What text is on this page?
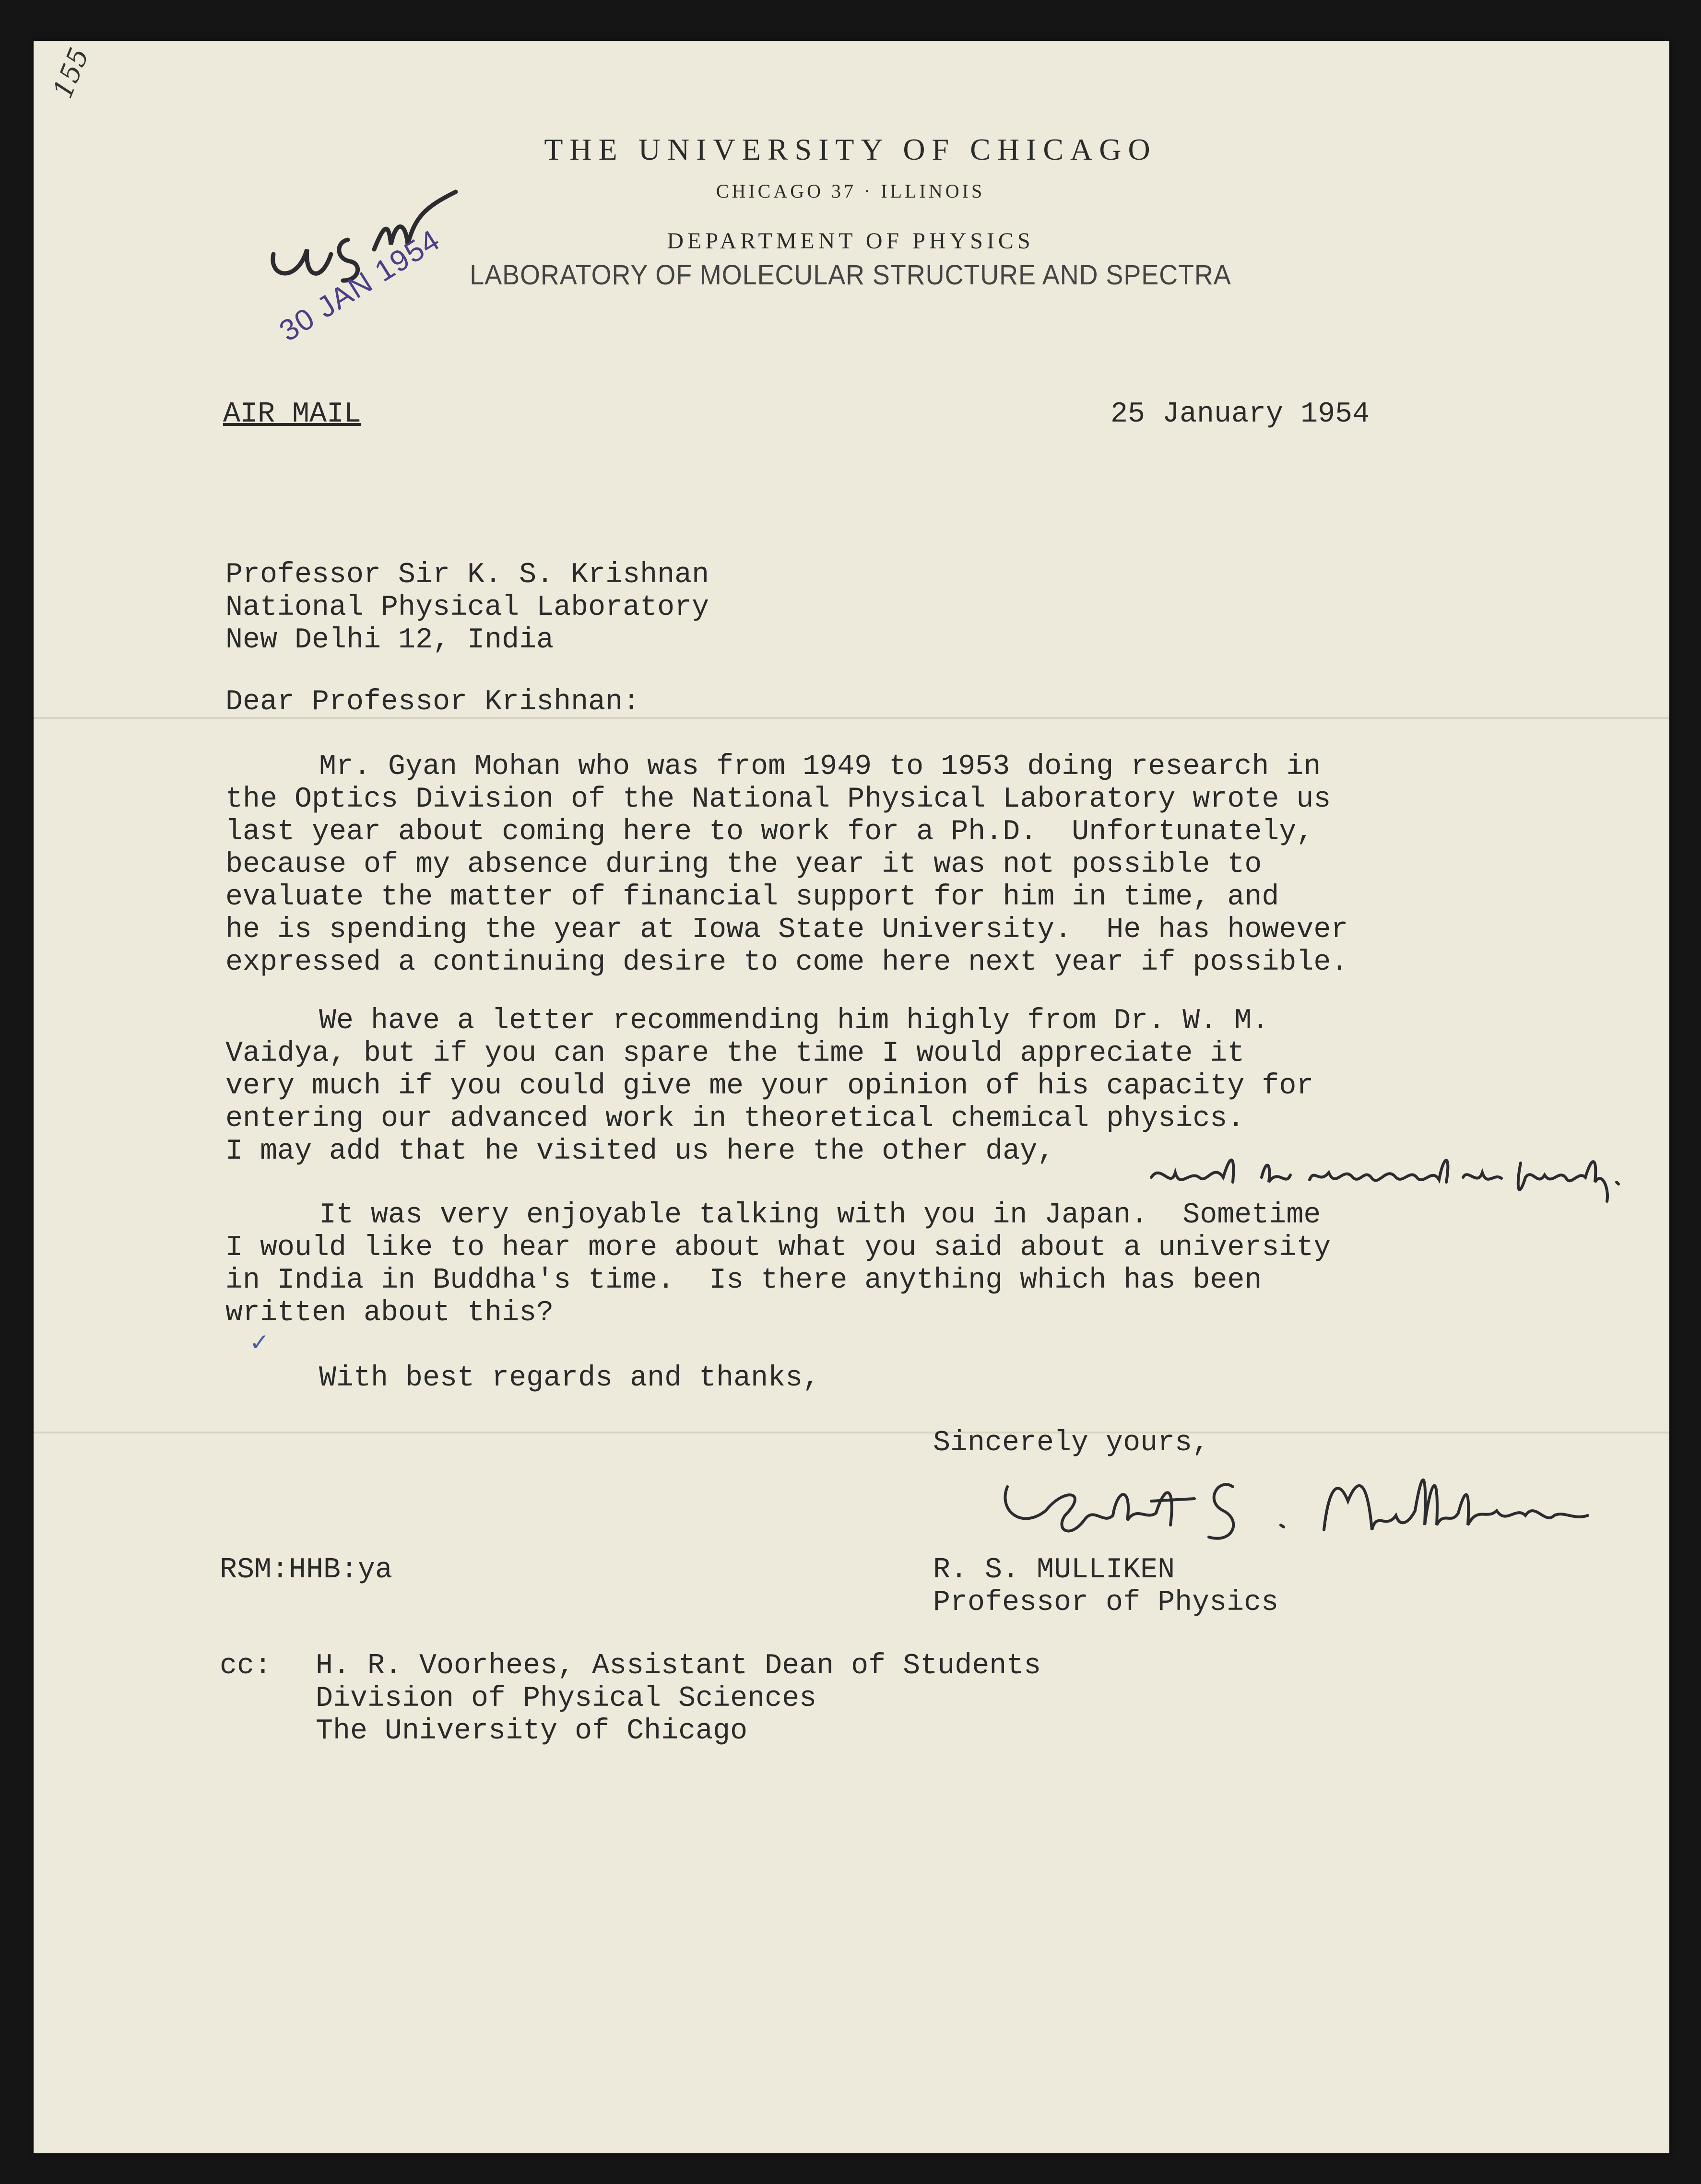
155
THE UNIVERSITY OF CHICAGO
CHICAGO 37 · ILLINOIS
DEPARTMENT OF PHYSICS
LABORATORY OF MOLECULAR STRUCTURE AND SPECTRA
30 JAN 1954
AIR MAIL	25 January 1954
Professor Sir K. S. Krishnan
National Physical Laboratory
New Delhi 12, India
Dear Professor Krishnan:
Mr. Gyan Mohan who was from 1949 to 1953 doing research in
the Optics Division of the National Physical Laboratory wrote us
last year about coming here to work for a Ph.D.  Unfortunately,
because of my absence during the year it was not possible to
evaluate the matter of financial support for him in time, and
he is spending the year at Iowa State University.  He has however
expressed a continuing desire to come here next year if possible.
We have a letter recommending him highly from Dr. W. M.
Vaidya, but if you can spare the time I would appreciate it
very much if you could give me your opinion of his capacity for
entering our advanced work in theoretical chemical physics.
I may add that he visited us here the other day,
It was very enjoyable talking with you in Japan.  Sometime
I would like to hear more about what you said about a university
in India in Buddha's time.  Is there anything which has been
written about this?
✓
With best regards and thanks,
Sincerely yours,
RSM:HHB:ya	R. S. MULLIKEN
Professor of Physics
cc: H. R. Voorhees, Assistant Dean of Students
Division of Physical Sciences
The University of Chicago
